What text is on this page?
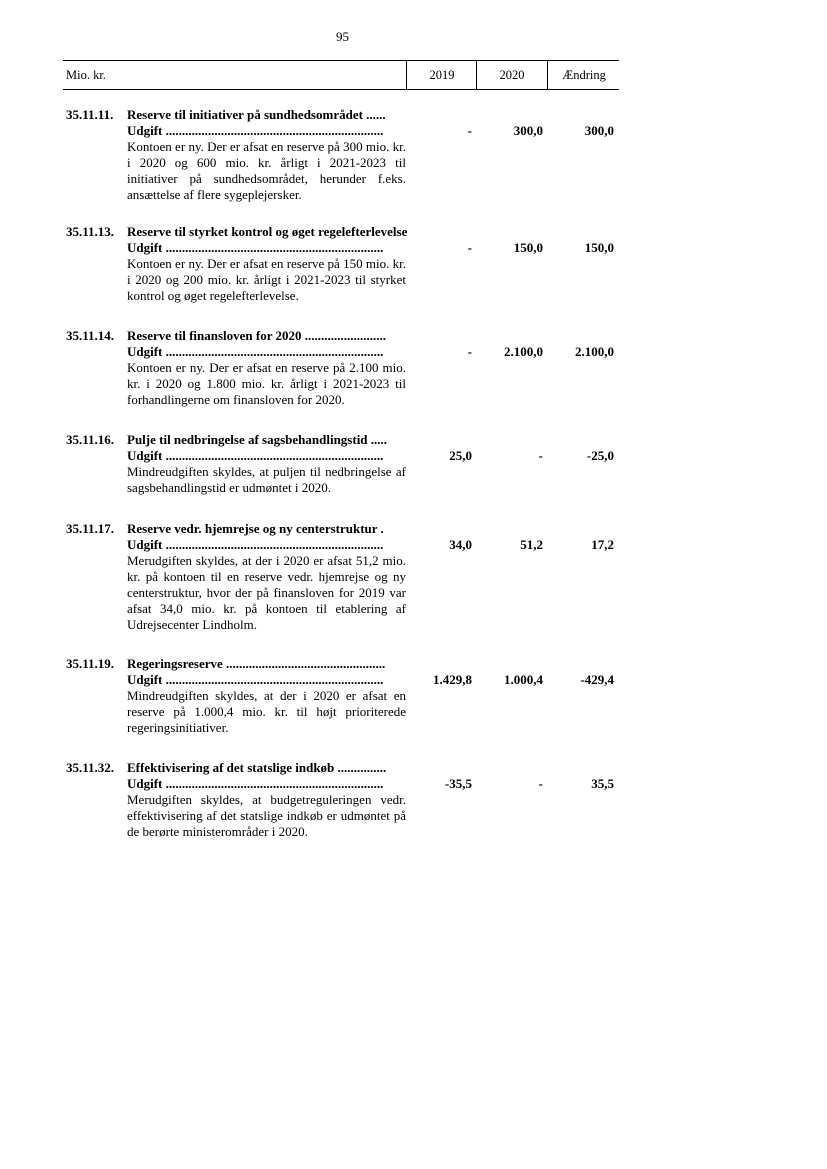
95
Mio. kr.	2019	2020	Ændring
35.11.11. Reserve til initiativer på sundhedsområdet ......
Udgift ...................................................................	-	300,0	300,0
Kontoen er ny. Der er afsat en reserve på 300 mio. kr. i 2020 og 600 mio. kr. årligt i 2021-2023 til initiativer på sundhedsområdet, herunder f.eks. ansættelse af flere sygeplejersker.
35.11.13. Reserve til styrket kontrol og øget regelefterlevelse
Udgift ...................................................................	-	150,0	150,0
Kontoen er ny. Der er afsat en reserve på 150 mio. kr. i 2020 og 200 mio. kr. årligt i 2021-2023 til styrket kontrol og øget regelefterlevelse.
35.11.14. Reserve til finansloven for 2020 .........................
Udgift ...................................................................	-	2.100,0	2.100,0
Kontoen er ny. Der er afsat en reserve på 2.100 mio. kr. i 2020 og 1.800 mio. kr. årligt i 2021-2023 til forhandlingerne om finansloven for 2020.
35.11.16. Pulje til nedbringelse af sagsbehandlingstid .....
Udgift ...................................................................	25,0	-	-25,0
Mindreudgiften skyldes, at puljen til nedbringelse af sagsbehandlingstid er udmøntet i 2020.
35.11.17. Reserve vedr. hjemrejse og ny centerstruktur .
Udgift ...................................................................	34,0	51,2	17,2
Merudgiften skyldes, at der i 2020 er afsat 51,2 mio. kr. på kontoen til en reserve vedr. hjemrejse og ny centerstruktur, hvor der på finansloven for 2019 var afsat 34,0 mio. kr. på kontoen til etablering af Udrejsecenter Lindholm.
35.11.19. Regeringsreserve .................................................
Udgift ...................................................................	1.429,8	1.000,4	-429,4
Mindreudgiften skyldes, at der i 2020 er afsat en reserve på 1.000,4 mio. kr. til højt prioriterede regeringsinitiativer.
35.11.32. Effektivisering af det statslige indkøb ...............
Udgift ...................................................................	-35,5	-	35,5
Merudgiften skyldes, at budgetreguleringen vedr. effektivisering af det statslige indkøb er udmøntet på de berørte ministerområder i 2020.
